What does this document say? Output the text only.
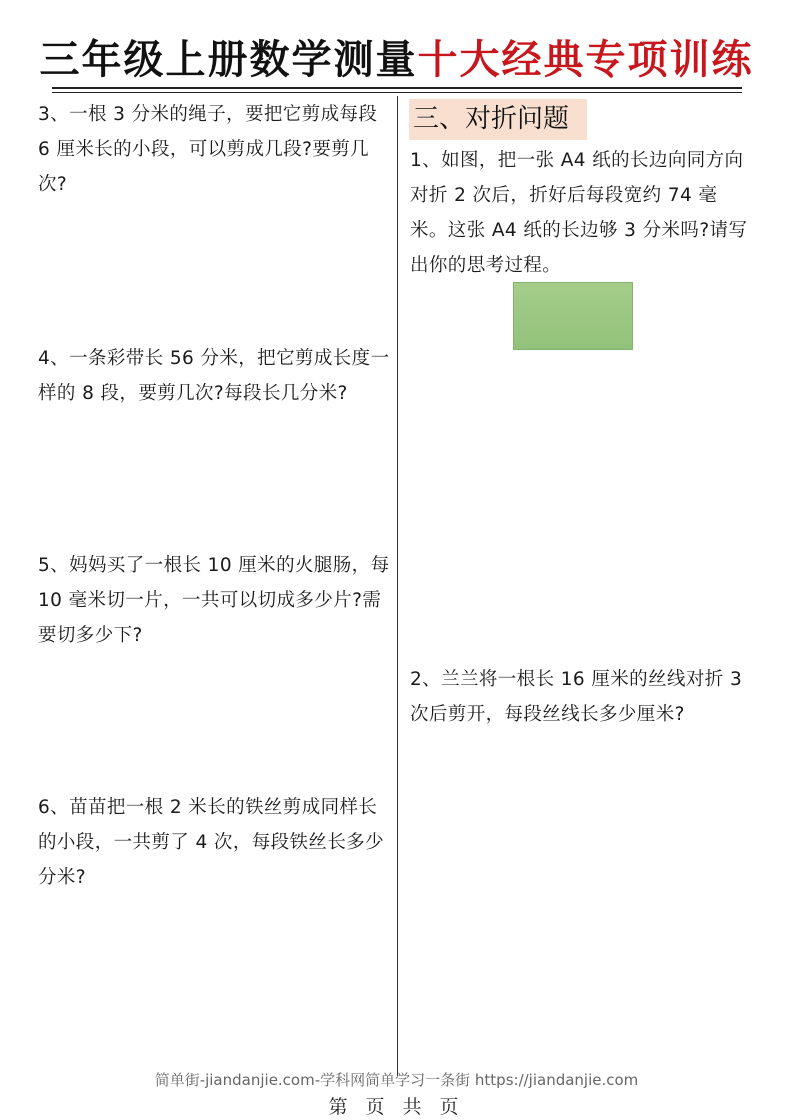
三年级上册数学测量十大经典专项训练
3、一根 3 分米的绳子，要把它剪成每段 6 厘米长的小段，可以剪成几段?要剪几次?
4、一条彩带长 56 分米，把它剪成长度一样的 8 段，要剪几次?每段长几分米?
5、妈妈买了一根长 10 厘米的火腿肠，每 10 毫米切一片，一共可以切成多少片?需要切多少下?
6、苗苗把一根 2 米长的铁丝剪成同样长的小段，一共剪了 4 次，每段铁丝长多少分米?
三、对折问题
1、如图，把一张 A4 纸的长边向同方向对折 2 次后，折好后每段宽约 74 毫米。这张 A4 纸的长边够 3 分米吗?请写出你的思考过程。
2、兰兰将一根长 16 厘米的丝线对折 3 次后剪开，每段丝线长多少厘米?
简单街-jiandanjie.com-学科网简单学习一条街 https://jiandanjie.com
第 页 共 页
